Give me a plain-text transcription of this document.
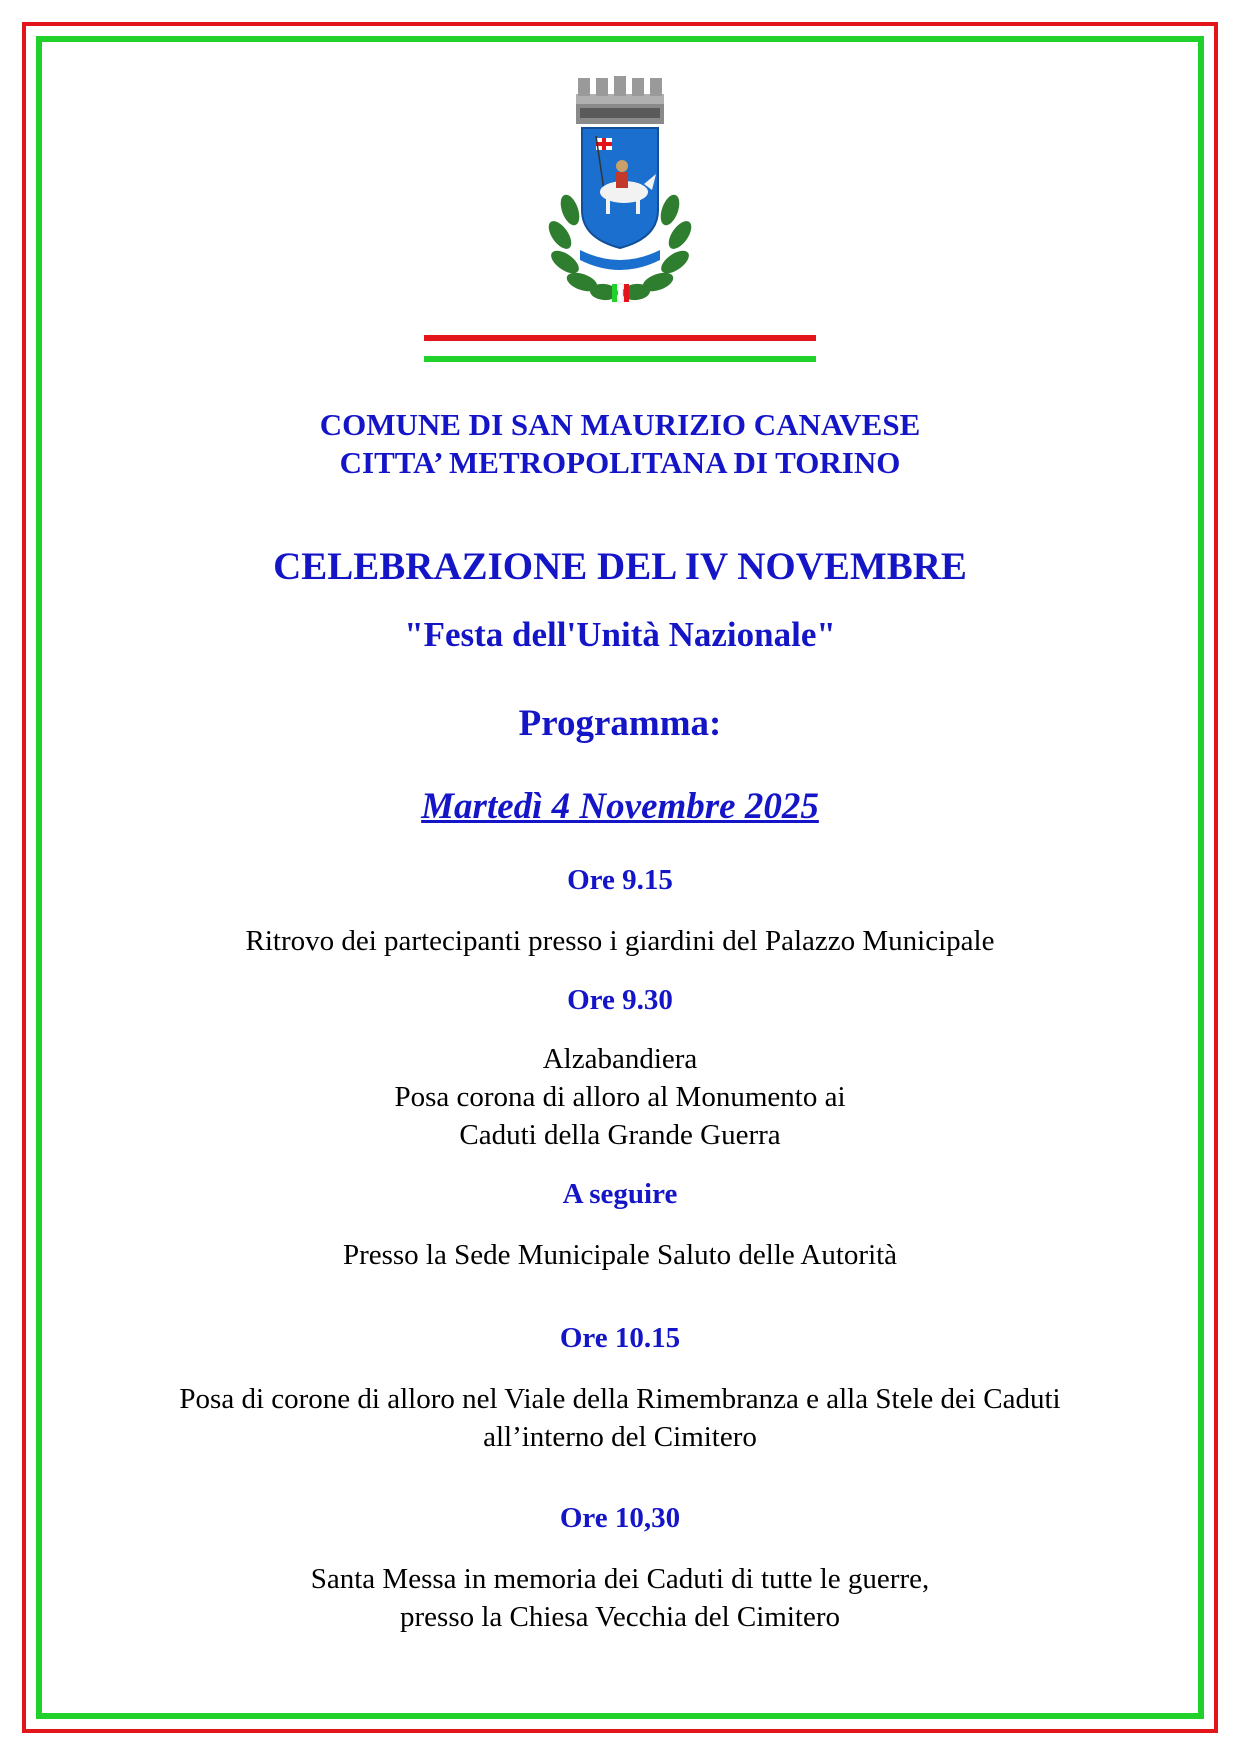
COMUNE DI SAN MAURIZIO CANAVESE
CITTA’ METROPOLITANA DI TORINO
CELEBRAZIONE DEL IV NOVEMBRE
"Festa dell'Unità Nazionale"
Programma:
Martedì 4 Novembre 2025
Ore 9.15
Ritrovo dei partecipanti presso i giardini del Palazzo Municipale
Ore 9.30
Alzabandiera
Posa corona di alloro al Monumento ai
Caduti della Grande Guerra
A seguire
Presso la Sede Municipale Saluto delle Autorità
Ore 10.15
Posa di corone di alloro nel Viale della Rimembranza e alla Stele dei Caduti
all’interno del Cimitero
Ore 10,30
Santa Messa in memoria dei Caduti di tutte le guerre,
presso la Chiesa Vecchia del Cimitero
